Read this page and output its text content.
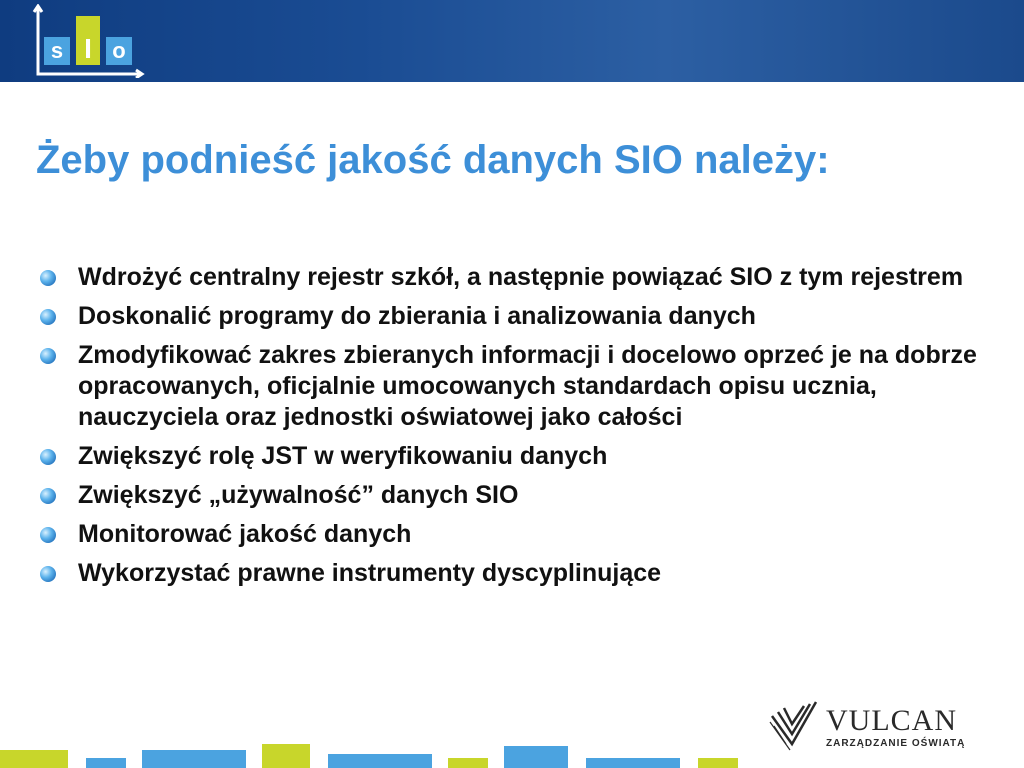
s I o
Żeby podnieść jakość danych SIO należy:
Wdrożyć centralny rejestr szkół, a następnie powiązać SIO z tym rejestrem
Doskonalić programy do zbierania i analizowania danych
Zmodyfikować zakres zbieranych informacji i docelowo oprzeć je na dobrze opracowanych, oficjalnie umocowanych standardach opisu ucznia, nauczyciela oraz jednostki oświatowej jako całości
Zwiększyć rolę JST w weryfikowaniu danych
Zwiększyć „używalność” danych SIO
Monitorować jakość danych
Wykorzystać prawne instrumenty dyscyplinujące
VULCAN
ZARZĄDZANIE OŚWIATĄ
